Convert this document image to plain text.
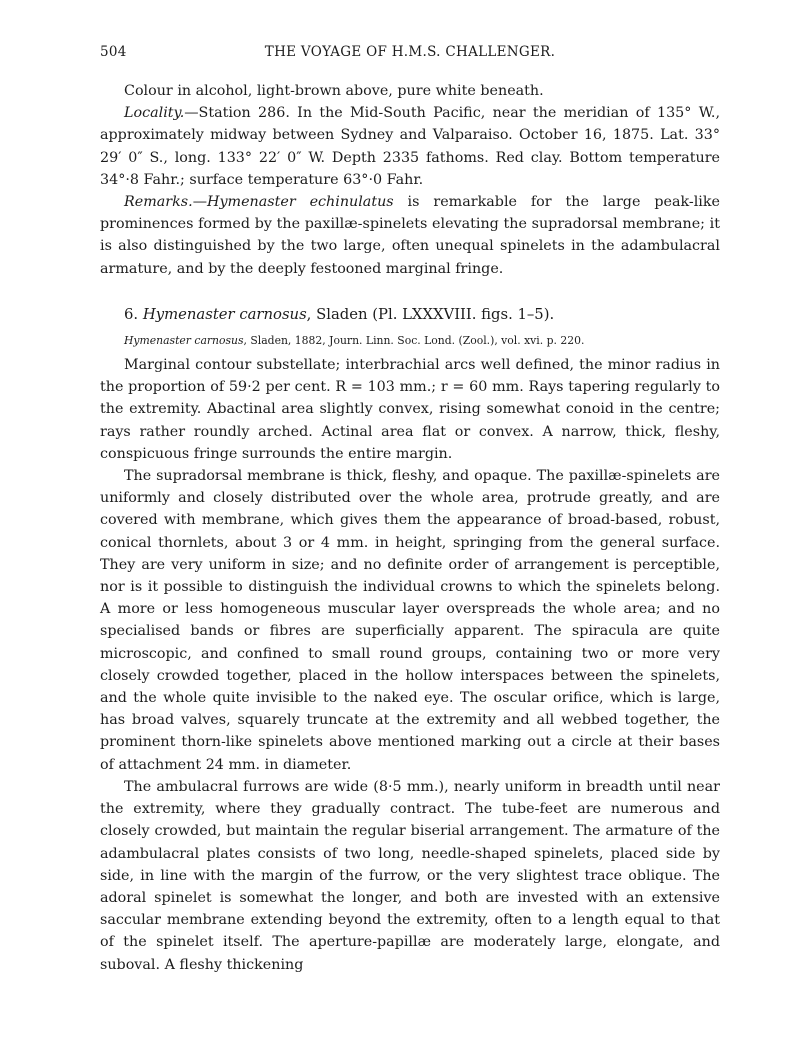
504	THE VOYAGE OF H.M.S. CHALLENGER.

Colour in alcohol, light-brown above, pure white beneath.

Locality.—Station 286. In the Mid-South Pacific, near the meridian of 135° W., approximately midway between Sydney and Valparaiso. October 16, 1875. Lat. 33° 29′ 0″ S., long. 133° 22′ 0″ W. Depth 2335 fathoms. Red clay. Bottom temperature 34°·8 Fahr.; surface temperature 63°·0 Fahr.

Remarks.—Hymenaster echinulatus is remarkable for the large peak-like prominences formed by the paxillæ-spinelets elevating the supradorsal membrane; it is also distinguished by the two large, often unequal spinelets in the adambulacral armature, and by the deeply festooned marginal fringe.

6. Hymenaster carnosus, Sladen (Pl. LXXXVIII. figs. 1–5).

Hymenaster carnosus, Sladen, 1882, Journ. Linn. Soc. Lond. (Zool.), vol. xvi. p. 220.

Marginal contour substellate; interbrachial arcs well defined, the minor radius in the proportion of 59·2 per cent. R = 103 mm.; r = 60 mm. Rays tapering regularly to the extremity. Abactinal area slightly convex, rising somewhat conoid in the centre; rays rather roundly arched. Actinal area flat or convex. A narrow, thick, fleshy, conspicuous fringe surrounds the entire margin.

The supradorsal membrane is thick, fleshy, and opaque. The paxillæ-spinelets are uniformly and closely distributed over the whole area, protrude greatly, and are covered with membrane, which gives them the appearance of broad-based, robust, conical thornlets, about 3 or 4 mm. in height, springing from the general surface. They are very uniform in size; and no definite order of arrangement is perceptible, nor is it possible to distinguish the individual crowns to which the spinelets belong. A more or less homogeneous muscular layer overspreads the whole area; and no specialised bands or fibres are superficially apparent. The spiracula are quite microscopic, and confined to small round groups, containing two or more very closely crowded together, placed in the hollow interspaces between the spinelets, and the whole quite invisible to the naked eye. The oscular orifice, which is large, has broad valves, squarely truncate at the extremity and all webbed together, the prominent thorn-like spinelets above mentioned marking out a circle at their bases of attachment 24 mm. in diameter.

The ambulacral furrows are wide (8·5 mm.), nearly uniform in breadth until near the extremity, where they gradually contract. The tube-feet are numerous and closely crowded, but maintain the regular biserial arrangement. The armature of the adambulacral plates consists of two long, needle-shaped spinelets, placed side by side, in line with the margin of the furrow, or the very slightest trace oblique. The adoral spinelet is somewhat the longer, and both are invested with an extensive saccular membrane extending beyond the extremity, often to a length equal to that of the spinelet itself. The aperture-papillæ are moderately large, elongate, and suboval. A fleshy thickening
